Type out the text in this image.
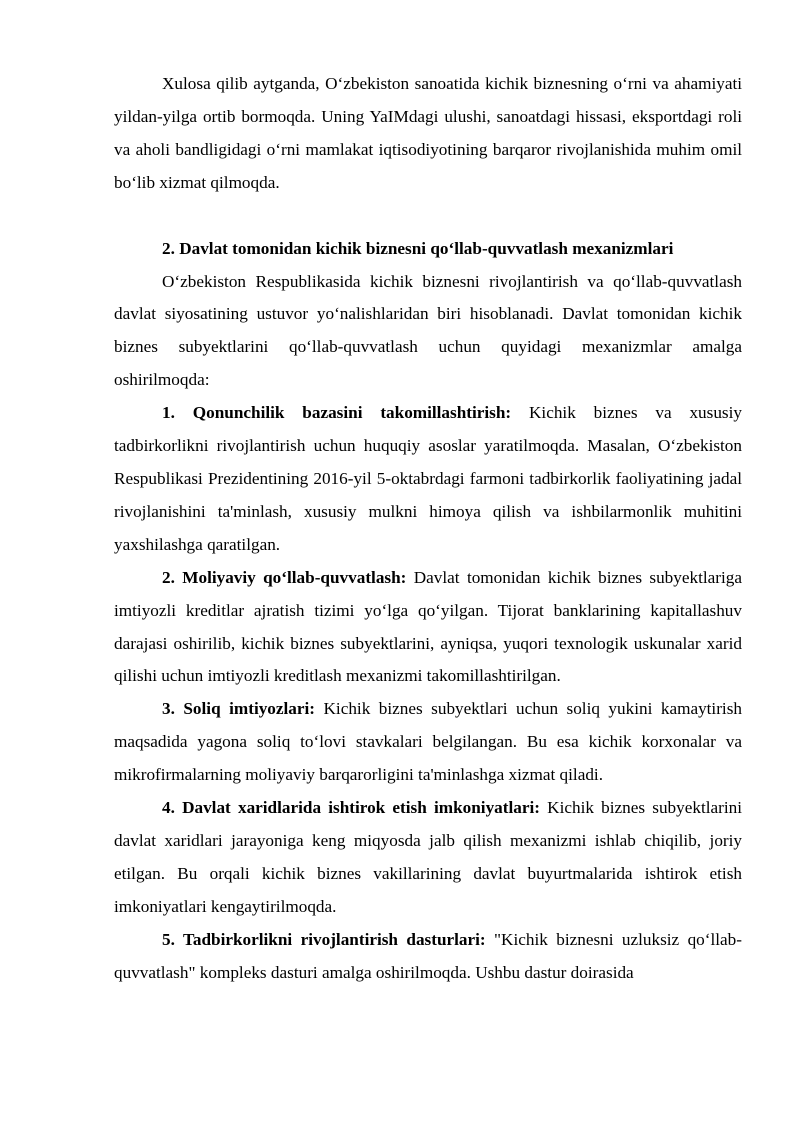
Xulosa qilib aytganda, O‘zbekiston sanoatida kichik biznesning o‘rni va ahamiyati yildan-yilga ortib bormoqda. Uning YaIMdagi ulushi, sanoatdagi hissasi, eksportdagi roli va aholi bandligidagi o‘rni mamlakat iqtisodiyotining barqaror rivojlanishida muhim omil bo‘lib xizmat qilmoqda.

2. Davlat tomonidan kichik biznesni qo‘llab-quvvatlash mexanizmlari

O‘zbekiston Respublikasida kichik biznesni rivojlantirish va qo‘llab-quvvatlash davlat siyosatining ustuvor yo‘nalishlaridan biri hisoblanadi. Davlat tomonidan kichik biznes subyektlarini qo‘llab-quvvatlash uchun quyidagi mexanizmlar amalga oshirilmoqda:

1. Qonunchilik bazasini takomillashtirish: Kichik biznes va xususiy tadbirkorlikni rivojlantirish uchun huquqiy asoslar yaratilmoqda. Masalan, O‘zbekiston Respublikasi Prezidentining 2016-yil 5-oktabrdagi farmoni tadbirkorlik faoliyatining jadal rivojlanishini ta'minlash, xususiy mulkni himoya qilish va ishbilarmonlik muhitini yaxshilashga qaratilgan.

2. Moliyaviy qo‘llab-quvvatlash: Davlat tomonidan kichik biznes subyektlariga imtiyozli kreditlar ajratish tizimi yo‘lga qo‘yilgan. Tijorat banklarining kapitallashuv darajasi oshirilib, kichik biznes subyektlarini, ayniqsa, yuqori texnologik uskunalar xarid qilishi uchun imtiyozli kreditlash mexanizmi takomillashtirilgan.

3. Soliq imtiyozlari: Kichik biznes subyektlari uchun soliq yukini kamaytirish maqsadida yagona soliq to‘lovi stavkalari belgilangan. Bu esa kichik korxonalar va mikrofirmalarning moliyaviy barqarorligini ta'minlashga xizmat qiladi.

4. Davlat xaridlarida ishtirok etish imkoniyatlari: Kichik biznes subyektlarini davlat xaridlari jarayoniga keng miqyosda jalb qilish mexanizmi ishlab chiqilib, joriy etilgan. Bu orqali kichik biznes vakillarining davlat buyurtmalarida ishtirok etish imkoniyatlari kengaytirilmoqda.

5. Tadbirkorlikni rivojlantirish dasturlari: "Kichik biznesni uzluksiz qo‘llab-quvvatlash" kompleks dasturi amalga oshirilmoqda. Ushbu dastur doirasida
